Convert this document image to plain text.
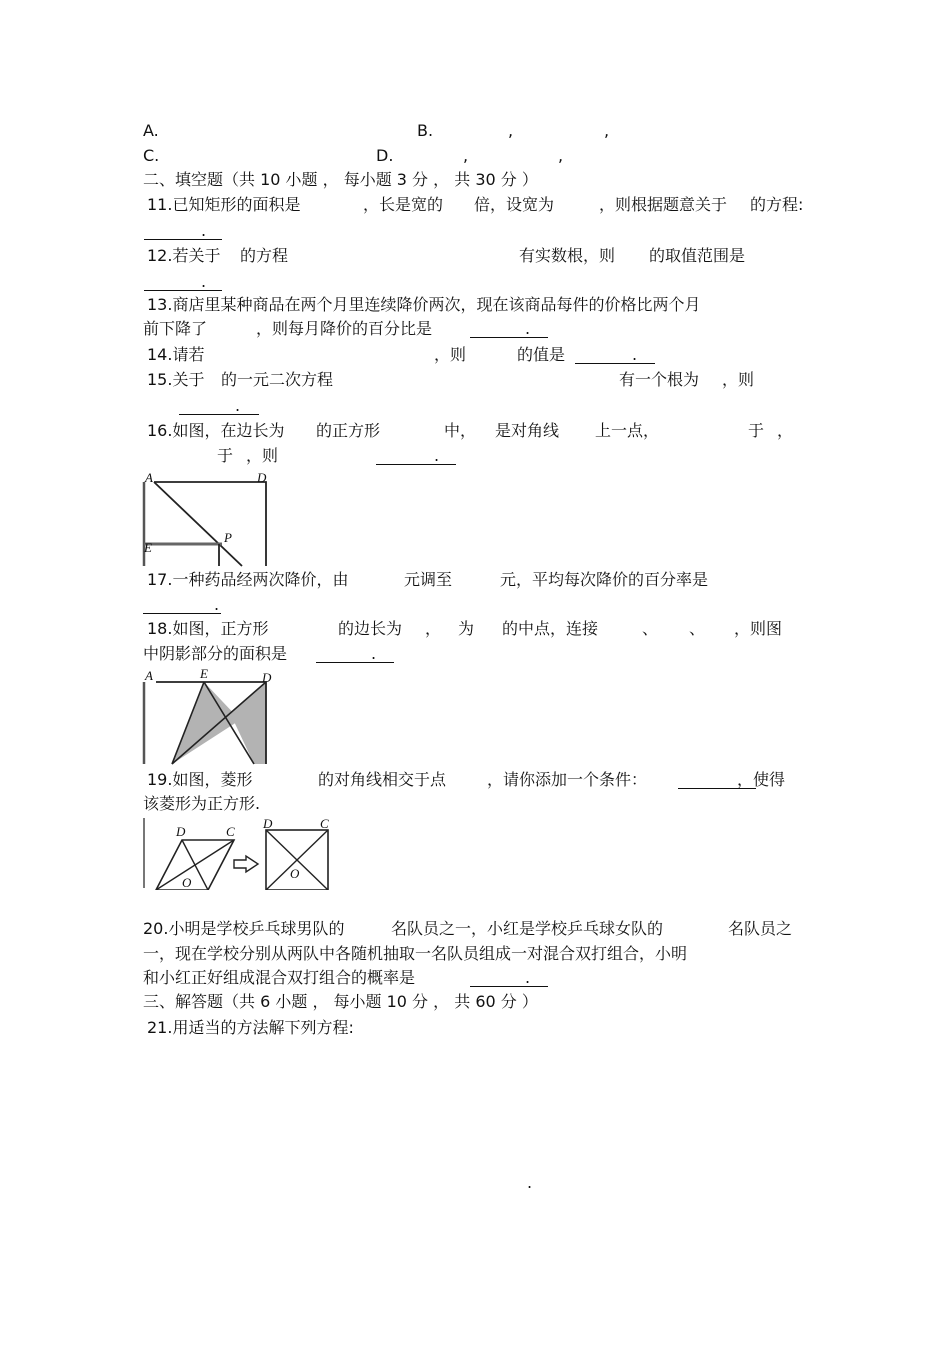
A.	B.	,	,
C.	D.	,	,
二、填空题（共 10 小题 ， 每小题 3 分 ， 共 30 分 ）
11.已知矩形的面积是	，长是宽的 倍，设宽为	，则根据题意关于 的方程:
.
12.若关于 的方程	有实数根，则 的取值范围是
.
13.商店里某种商品在两个月里连续降价两次，现在该商品每件的价格比两个月
前下降了	，则每月降价的百分比是	.
14.请若	，则	的值是	.
15.关于 的一元二次方程	有一个根为 ，则
.
16.如图，在边长为 的正方形	中， 是对角线 上一点，	于 ，
于 ，则	.
A	D
E
P
17.一种药品经两次降价，由	元调至	元，平均每次降价的百分率是
.
18.如图，正方形	的边长为 ， 为 的中点，连接	、 、 ，则图
中阴影部分的面积是	.
A	E	D
19.如图，菱形	的对角线相交于点	，请你添加一个条件：	，使得
该菱形为正方形.
D	C
O
D	C
O
20.小明是学校乒乓球男队的	名队员之一，小红是学校乒乓球女队的	名队员之
一，现在学校分别从两队中各随机抽取一名队员组成一对混合双打组合，小明
和小红正好组成混合双打组合的概率是	.
三、解答题（共 6 小题 ， 每小题 10 分 ， 共 60 分 ）
21.用适当的方法解下列方程:
.
